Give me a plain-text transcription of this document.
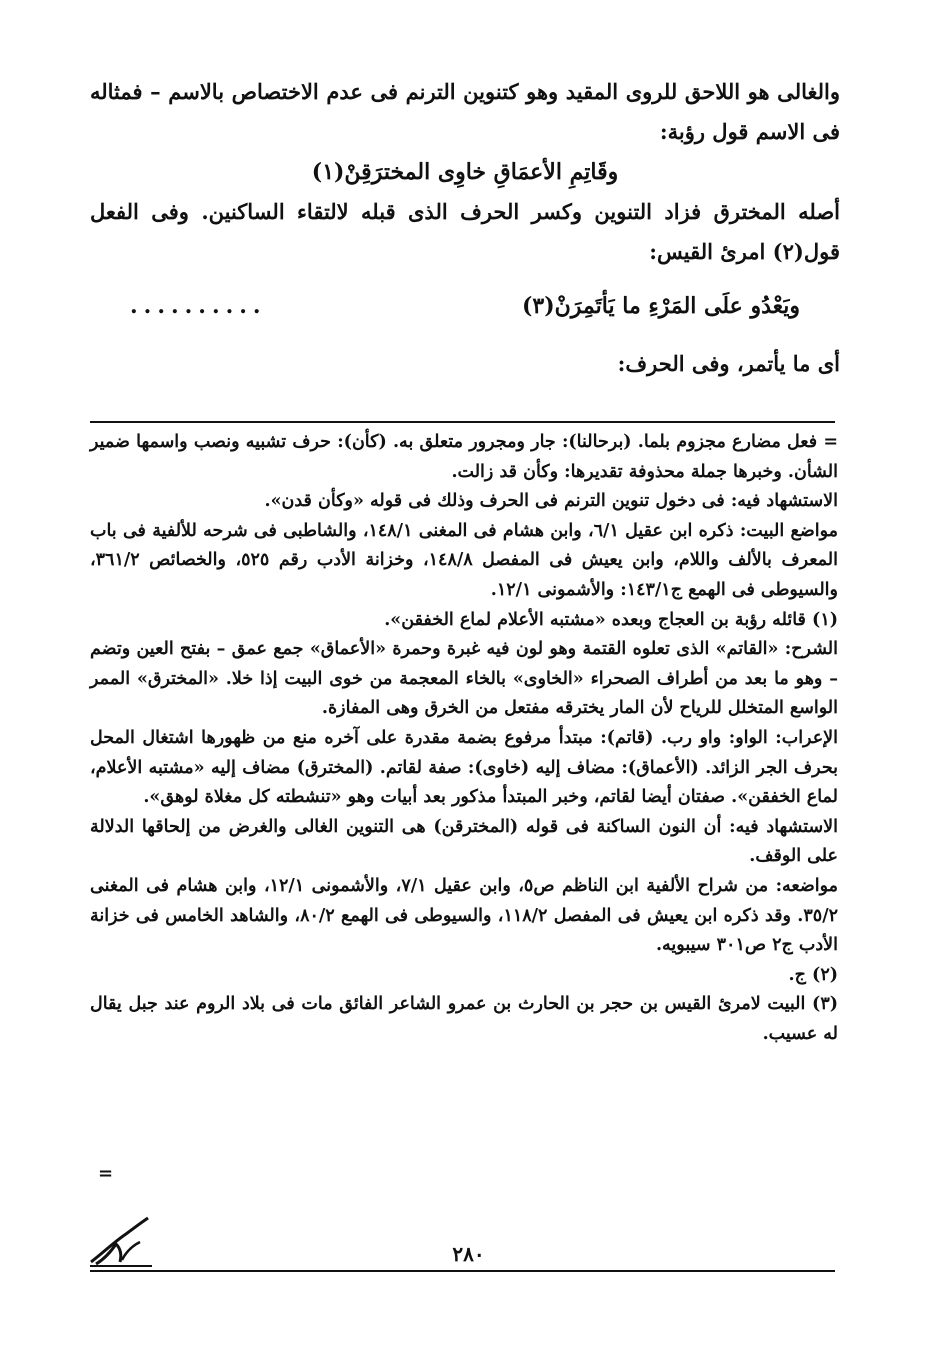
والغالى هو اللاحق للروى المقيد وهو كتنوين الترنم فى عدم الاختصاص بالاسم – فمثاله فى الاسم قول رؤبة:

وقَاتِمِ الأعمَاقِ خاوِى المخترَقِنْ(١)

أصله المخترق فزاد التنوين وكسر الحرف الذى قبله لالتقاء الساكنين. وفى الفعل قول(٢) امرئ القيس:

ويَعْدُو علَى المَرْءِ ما يَأتَمِرَنْ(٣)
..........

أى ما يأتمر، وفى الحرف:

= فعل مضارع مجزوم بلما. (برحالنا): جار ومجرور متعلق به. (كأن): حرف تشبيه ونصب واسمها ضمير الشأن. وخبرها جملة محذوفة تقديرها: وكأن قد زالت.

الاستشهاد فيه: فى دخول تنوين الترنم فى الحرف وذلك فى قوله «وكأن قدن».

مواضع البيت: ذكره ابن عقيل ٦/١، وابن هشام فى المغنى ١٤٨/١، والشاطبى فى شرحه للألفية فى باب المعرف بالألف واللام، وابن يعيش فى المفصل ١٤٨/٨، وخزانة الأدب رقم ٥٢٥، والخصائص ٣٦١/٢، والسيوطى فى الهمع ج١٤٣/١: والأشمونى ١٢/١.

(١) قائله رؤبة بن العجاج وبعده «مشتبه الأعلام لماع الخفقن».

الشرح: «القاتم» الذى تعلوه القتمة وهو لون فيه غبرة وحمرة «الأعماق» جمع عمق – بفتح العين وتضم – وهو ما بعد من أطراف الصحراء «الخاوى» بالخاء المعجمة من خوى البيت إذا خلا. «المخترق» الممر الواسع المتخلل للرياح لأن المار يخترقه مفتعل من الخرق وهى المفازة.

الإعراب: الواو: واو رب. (قاتم): مبتدأ مرفوع بضمة مقدرة على آخره منع من ظهورها اشتغال المحل بحرف الجر الزائد. (الأعماق): مضاف إليه (خاوى): صفة لقاتم. (المخترق) مضاف إليه «مشتبه الأعلام، لماع الخفقن». صفتان أيضا لقاتم، وخبر المبتدأ مذكور بعد أبيات وهو «تنشطته كل مغلاة لوهق».

الاستشهاد فيه: أن النون الساكنة فى قوله (المخترقن) هى التنوين الغالى والغرض من إلحاقها الدلالة على الوقف.

مواضعه: من شراح الألفية ابن الناظم ص٥، وابن عقيل ٧/١، والأشمونى ١٢/١، وابن هشام فى المغنى ٣٥/٢. وقد ذكره ابن يعيش فى المفصل ١١٨/٢، والسيوطى فى الهمع ٨٠/٢، والشاهد الخامس فى خزانة الأدب ج٢ ص٣٠١ سيبويه.

(٢) ج.

(٣) البيت لامرئ القيس بن حجر بن الحارث بن عمرو الشاعر الفائق مات فى بلاد الروم عند جبل يقال له عسيب.

=
٢٨٠
